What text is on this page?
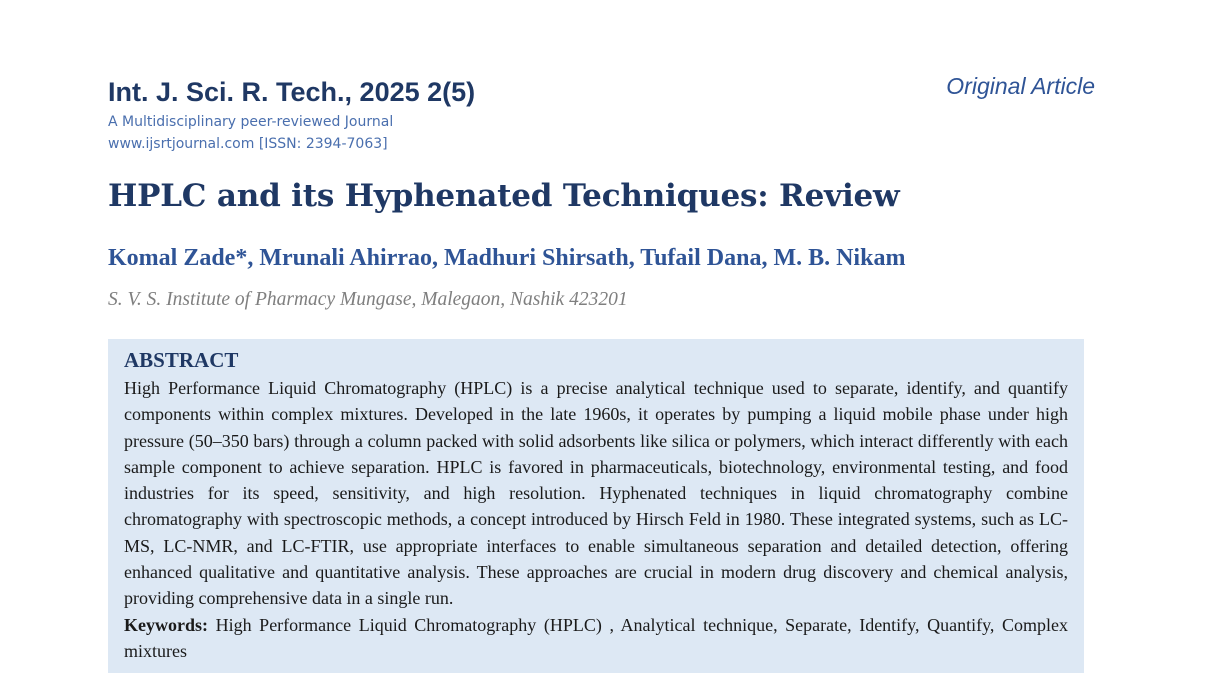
Int. J. Sci. R. Tech., 2025 2(5)	Original Article
A Multidisciplinary peer-reviewed Journal
www.ijsrtjournal.com [ISSN: 2394-7063]
HPLC and its Hyphenated Techniques: Review
Komal Zade*, Mrunali Ahirrao, Madhuri Shirsath, Tufail Dana, M. B. Nikam
S. V. S. Institute of Pharmacy Mungase, Malegaon, Nashik 423201
ABSTRACT

High Performance Liquid Chromatography (HPLC) is a precise analytical technique used to separate, identify, and quantify components within complex mixtures. Developed in the late 1960s, it operates by pumping a liquid mobile phase under high pressure (50–350 bars) through a column packed with solid adsorbents like silica or polymers, which interact differently with each sample component to achieve separation. HPLC is favored in pharmaceuticals, biotechnology, environmental testing, and food industries for its speed, sensitivity, and high resolution. Hyphenated techniques in liquid chromatography combine chromatography with spectroscopic methods, a concept introduced by Hirsch Feld in 1980. These integrated systems, such as LC-MS, LC-NMR, and LC-FTIR, use appropriate interfaces to enable simultaneous separation and detailed detection, offering enhanced qualitative and quantitative analysis. These approaches are crucial in modern drug discovery and chemical analysis, providing comprehensive data in a single run.

Keywords: High Performance Liquid Chromatography (HPLC) , Analytical technique, Separate, Identify, Quantify, Complex mixtures
